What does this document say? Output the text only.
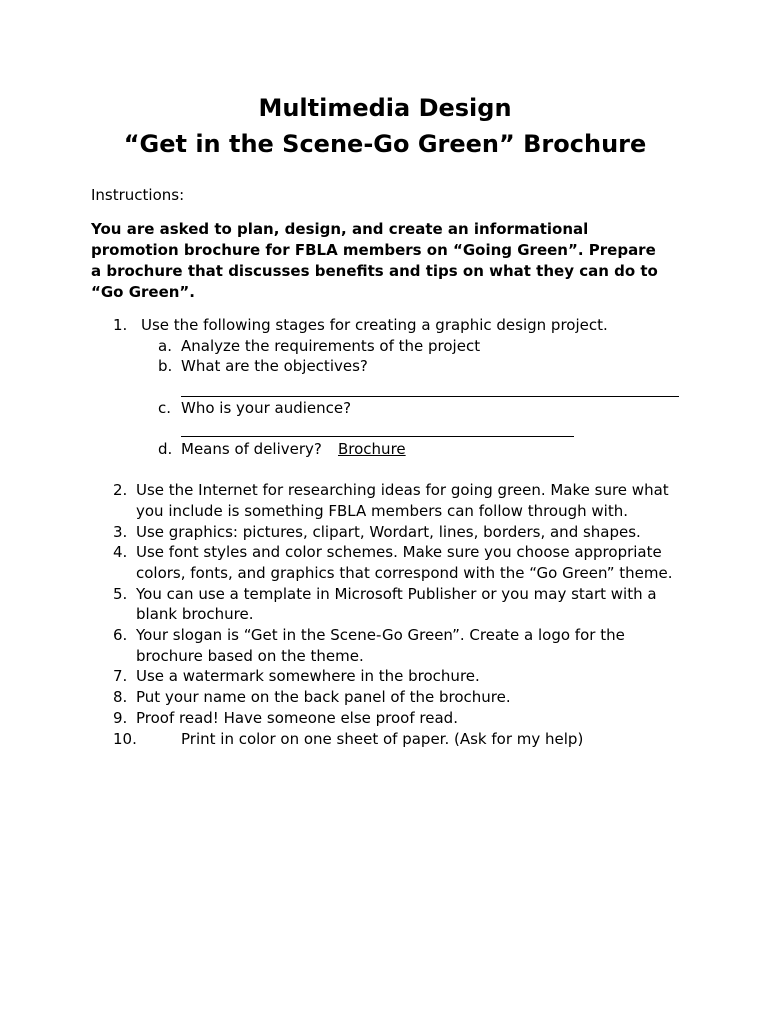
Multimedia Design
“Get in the Scene-Go Green” Brochure
Instructions:
You are asked to plan, design, and create an informational
promotion brochure for FBLA members on “Going Green”. Prepare
a brochure that discusses benefits and tips on what they can do to
“Go Green”.
1. Use the following stages for creating a graphic design project.
a. Analyze the requirements of the project
b. What are the objectives?
c. Who is your audience?
d. Means of delivery? Brochure
2. Use the Internet for researching ideas for going green. Make sure what
you include is something FBLA members can follow through with.
3. Use graphics: pictures, clipart, Wordart, lines, borders, and shapes.
4. Use font styles and color schemes. Make sure you choose appropriate
colors, fonts, and graphics that correspond with the “Go Green” theme.
5. You can use a template in Microsoft Publisher or you may start with a
blank brochure.
6. Your slogan is “Get in the Scene-Go Green”. Create a logo for the
brochure based on the theme.
7. Use a watermark somewhere in the brochure.
8. Put your name on the back panel of the brochure.
9. Proof read! Have someone else proof read.
10.	Print in color on one sheet of paper. (Ask for my help)
